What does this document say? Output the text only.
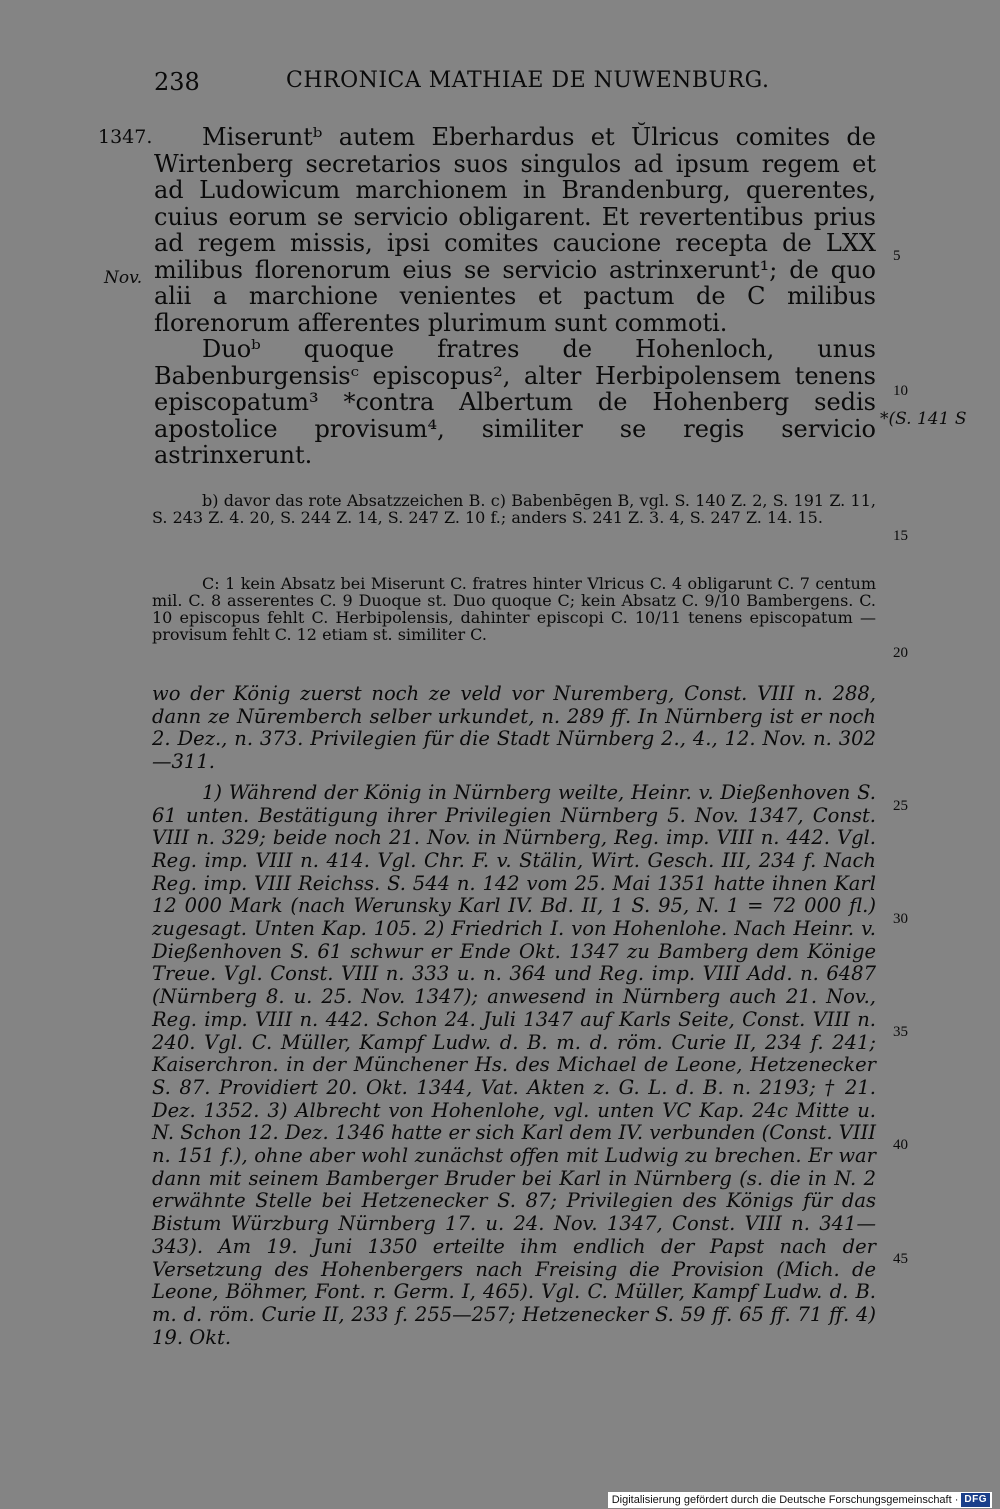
238	CHRONICA MATHIAE DE NUWENBURG.
1347.
Nov.
*(S. 141 S

Miseruntᵇ autem Eberhardus et Ŭlricus comites de Wirtenberg secretarios suos singulos ad ipsum regem et ad Ludowicum marchionem in Brandenburg, querentes, cuius eorum se servicio obligarent. Et revertentibus prius ad regem missis, ipsi comites caucione recepta de LXX milibus florenorum eius se servicio astrinxerunt¹; de quo alii a marchione venientes et pactum de C milibus florenorum afferentes plurimum sunt commoti.

Duoᵇ quoque fratres de Hohenloch, unus Babenburgensisᶜ episcopus², alter Herbipolensem tenens episcopatum³ *contra Albertum de Hohenberg sedis apostolice provisum⁴, similiter se regis servicio astrinxerunt.

5
10
15
20
25
30
35
40
45

b) davor das rote Absatzzeichen B. c) Babenbēgen B, vgl. S. 140 Z. 2, S. 191 Z. 11, S. 243 Z. 4. 20, S. 244 Z. 14, S. 247 Z. 10 f.; anders S. 241 Z. 3. 4, S. 247 Z. 14. 15.

C: 1 kein Absatz bei Miserunt C. fratres hinter Vlricus C. 4 obligarunt C. 7 centum mil. C. 8 asserentes C. 9 Duoque st. Duo quoque C; kein Absatz C. 9/10 Bambergens. C. 10 episcopus fehlt C. Herbipolensis, dahinter episcopi C. 10/11 tenens episcopatum — provisum fehlt C. 12 etiam st. similiter C.

wo der König zuerst noch ze veld vor Nuremberg, Const. VIII n. 288, dann ze Nūremberch selber urkundet, n. 289 ff. In Nürnberg ist er noch 2. Dez., n. 373. Privilegien für die Stadt Nürnberg 2., 4., 12. Nov. n. 302—311.

1) Während der König in Nürnberg weilte, Heinr. v. Dießenhoven S. 61 unten. Bestätigung ihrer Privilegien Nürnberg 5. Nov. 1347, Const. VIII n. 329; beide noch 21. Nov. in Nürnberg, Reg. imp. VIII n. 442. Vgl. Reg. imp. VIII n. 414. Vgl. Chr. F. v. Stälin, Wirt. Gesch. III, 234 f. Nach Reg. imp. VIII Reichss. S. 544 n. 142 vom 25. Mai 1351 hatte ihnen Karl 12 000 Mark (nach Werunsky Karl IV. Bd. II, 1 S. 95, N. 1 = 72 000 fl.) zugesagt. Unten Kap. 105. 2) Friedrich I. von Hohenlohe. Nach Heinr. v. Dießenhoven S. 61 schwur er Ende Okt. 1347 zu Bamberg dem Könige Treue. Vgl. Const. VIII n. 333 u. n. 364 und Reg. imp. VIII Add. n. 6487 (Nürnberg 8. u. 25. Nov. 1347); anwesend in Nürnberg auch 21. Nov., Reg. imp. VIII n. 442. Schon 24. Juli 1347 auf Karls Seite, Const. VIII n. 240. Vgl. C. Müller, Kampf Ludw. d. B. m. d. röm. Curie II, 234 f. 241; Kaiserchron. in der Münchener Hs. des Michael de Leone, Hetzenecker S. 87. Providiert 20. Okt. 1344, Vat. Akten z. G. L. d. B. n. 2193; † 21. Dez. 1352. 3) Albrecht von Hohenlohe, vgl. unten VC Kap. 24c Mitte u. N. Schon 12. Dez. 1346 hatte er sich Karl dem IV. verbunden (Const. VIII n. 151 f.), ohne aber wohl zunächst offen mit Ludwig zu brechen. Er war dann mit seinem Bamberger Bruder bei Karl in Nürnberg (s. die in N. 2 erwähnte Stelle bei Hetzenecker S. 87; Privilegien des Königs für das Bistum Würzburg Nürnberg 17. u. 24. Nov. 1347, Const. VIII n. 341—343). Am 19. Juni 1350 erteilte ihm endlich der Papst nach der Versetzung des Hohenbergers nach Freising die Provision (Mich. de Leone, Böhmer, Font. r. Germ. I, 465). Vgl. C. Müller, Kampf Ludw. d. B. m. d. röm. Curie II, 233 f. 255—257; Hetzenecker S. 59 ff. 65 ff. 71 ff. 4) 19. Okt.

Digitalisierung gefördert durch die Deutsche Forschungsgemeinschaft · DFG
